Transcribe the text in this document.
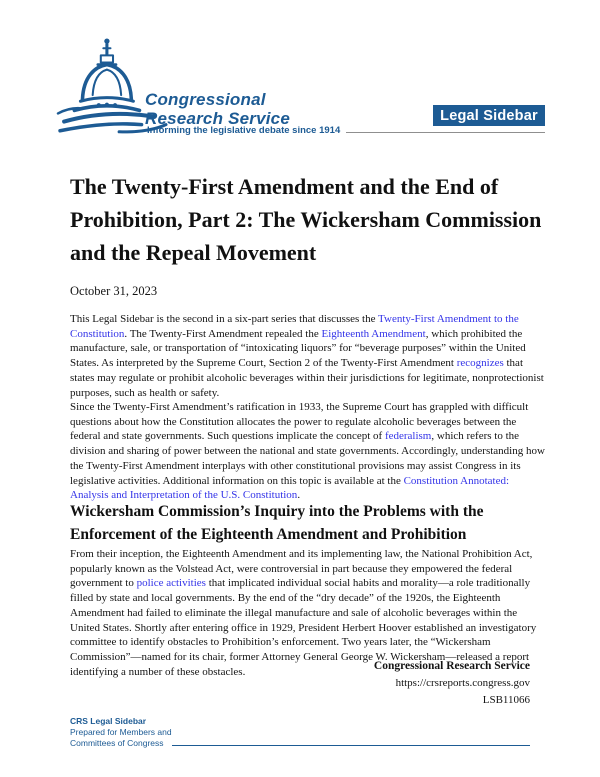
Congressional
Research Service
Informing the legislative debate since 1914
Legal Sidebar
The Twenty-First Amendment and the End of Prohibition, Part 2: The Wickersham Commission and the Repeal Movement
October 31, 2023

This Legal Sidebar is the second in a six-part series that discusses the Twenty-First Amendment to the Constitution. The Twenty-First Amendment repealed the Eighteenth Amendment, which prohibited the manufacture, sale, or transportation of “intoxicating liquors” for “beverage purposes” within the United States. As interpreted by the Supreme Court, Section 2 of the Twenty-First Amendment recognizes that states may regulate or prohibit alcoholic beverages within their jurisdictions for legitimate, nonprotectionist purposes, such as health or safety.

Since the Twenty-First Amendment’s ratification in 1933, the Supreme Court has grappled with difficult questions about how the Constitution allocates the power to regulate alcoholic beverages between the federal and state governments. Such questions implicate the concept of federalism, which refers to the division and sharing of power between the national and state governments. Accordingly, understanding how the Twenty-First Amendment interplays with other constitutional provisions may assist Congress in its legislative activities. Additional information on this topic is available at the Constitution Annotated: Analysis and Interpretation of the U.S. Constitution.

Wickersham Commission’s Inquiry into the Problems with the Enforcement of the Eighteenth Amendment and Prohibition

From their inception, the Eighteenth Amendment and its implementing law, the National Prohibition Act, popularly known as the Volstead Act, were controversial in part because they empowered the federal government to police activities that implicated individual social habits and morality—a role traditionally filled by state and local governments. By the end of the “dry decade” of the 1920s, the Eighteenth Amendment had failed to eliminate the illegal manufacture and sale of alcoholic beverages within the United States. Shortly after entering office in 1929, President Herbert Hoover established an investigatory committee to identify obstacles to Prohibition’s enforcement. Two years later, the “Wickersham Commission”—named for its chair, former Attorney General George W. Wickersham—released a report identifying a number of these obstacles.	Congressional Research Service
https://crsreports.congress.gov
LSB11066
CRS Legal Sidebar
Prepared for Members and
Committees of Congress
